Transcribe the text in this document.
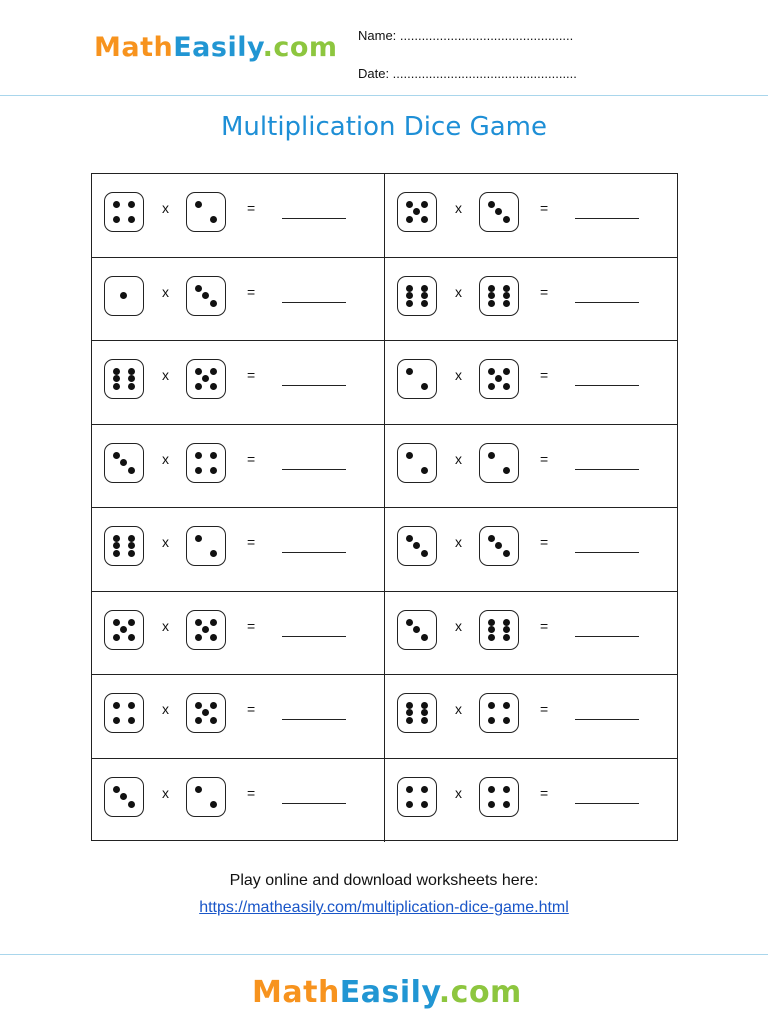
MathEasily.com Name: ................................................
Date: ...................................................
Multiplication Dice Game
x	=	x	=
x	=	x	=
x	=	x	=
x	=	x	=
x	=	x	=
x	=	x	=
x	=	x	=
x	=	x	=
Play online and download worksheets here:
https://matheasily.com/multiplication-dice-game.html
MathEasily.com
